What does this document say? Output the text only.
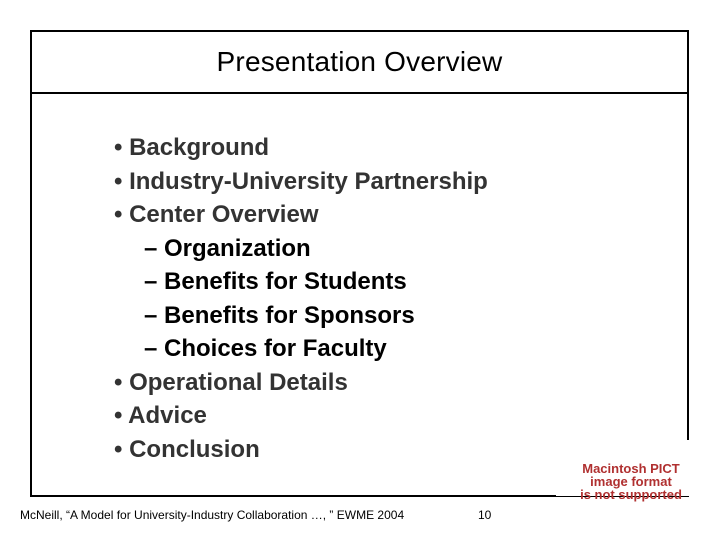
Presentation Overview
• Background
• Industry-University Partnership
• Center Overview
– Organization
– Benefits for Students
– Benefits for Sponsors
– Choices for Faculty
• Operational Details
• Advice
• Conclusion
Macintosh PICT
image format
is not supported
McNeill, “A Model for University-Industry Collaboration …, ” EWME 2004	10
